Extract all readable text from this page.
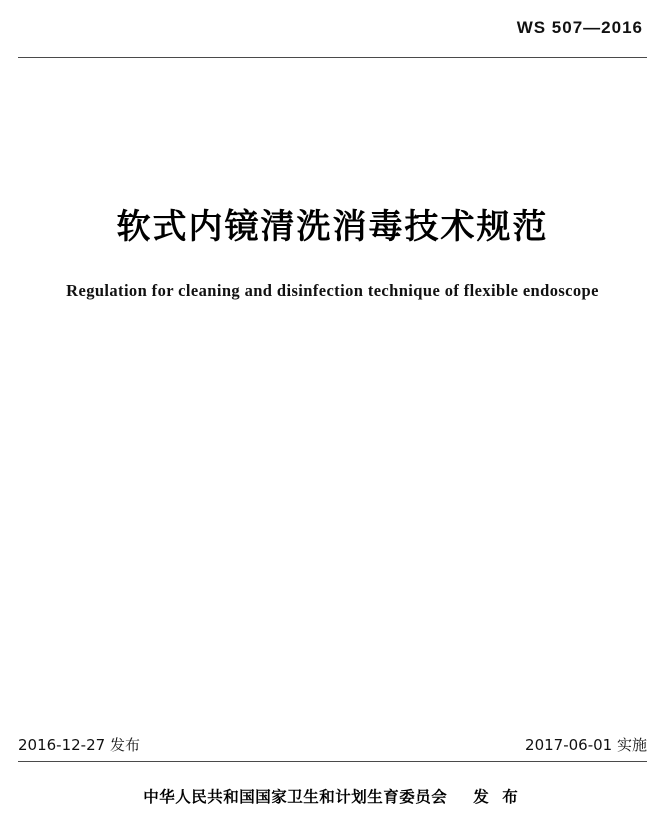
WS 507—2016
软式内镜清洗消毒技术规范
Regulation for cleaning and disinfection technique of flexible endoscope
2016-12-27 发布	2017-06-01 实施
中华人民共和国国家卫生和计划生育委员会 发 布
